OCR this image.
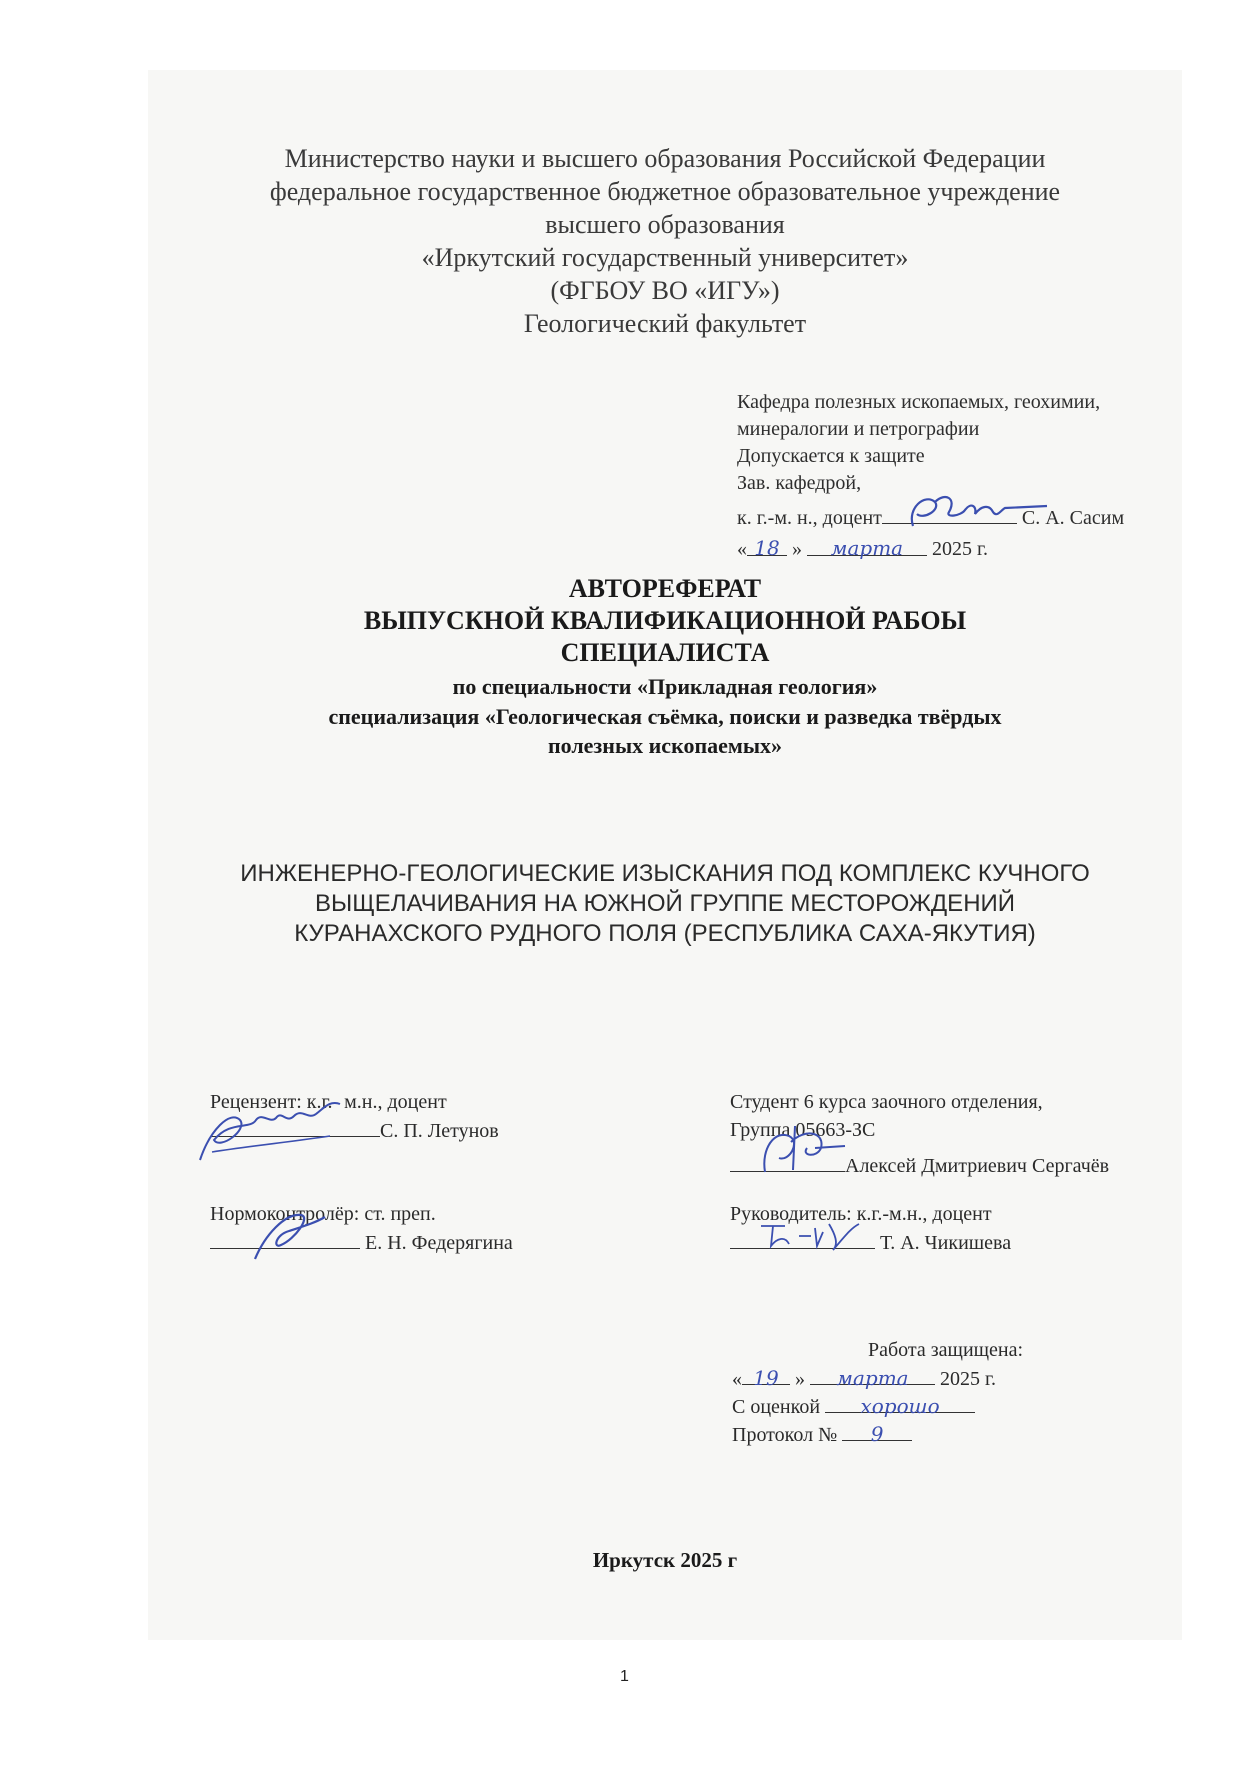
Министерство науки и высшего образования Российской Федерации
федеральное государственное бюджетное образовательное учреждение
высшего образования
«Иркутский государственный университет»
(ФГБОУ ВО «ИГУ»)
Геологический факультет
Кафедра полезных ископаемых, геохимии,
минералогии и петрографии
Допускается к защите
Зав. кафедрой,
к. г.-м. н., доцент	С. А. Сасим
« 18 » марта 2025 г.
АВТОРЕФЕРАТ
ВЫПУСКНОЙ КВАЛИФИКАЦИОННОЙ РАБОЫ
СПЕЦИАЛИСТА
по специальности «Прикладная геология»
специализация «Геологическая съёмка, поиски и разведка твёрдых
полезных ископаемых»
ИНЖЕНЕРНО-ГЕОЛОГИЧЕСКИЕ ИЗЫСКАНИЯ ПОД КОМПЛЕКС КУЧНОГО
ВЫЩЕЛАЧИВАНИЯ НА ЮЖНОЙ ГРУППЕ МЕСТОРОЖДЕНИЙ
КУРАНАХСКОГО РУДНОГО ПОЛЯ (РЕСПУБЛИКА САХА-ЯКУТИЯ)
Рецензент: к.г.- м.н., доцент
С. П. Летунов
Студент 6 курса заочного отделения,
Группа 05663-ЗС
Алексей Дмитриевич Сергачёв
Нормоконтролёр: ст. преп.
Е. Н. Федерягина
Руководитель: к.г.-м.н., доцент
Т. А. Чикишева
Работа защищена:
« 19 » марта 2025 г.
С оценкой хорошо
Протокол № 9
Иркутск 2025 г
1
